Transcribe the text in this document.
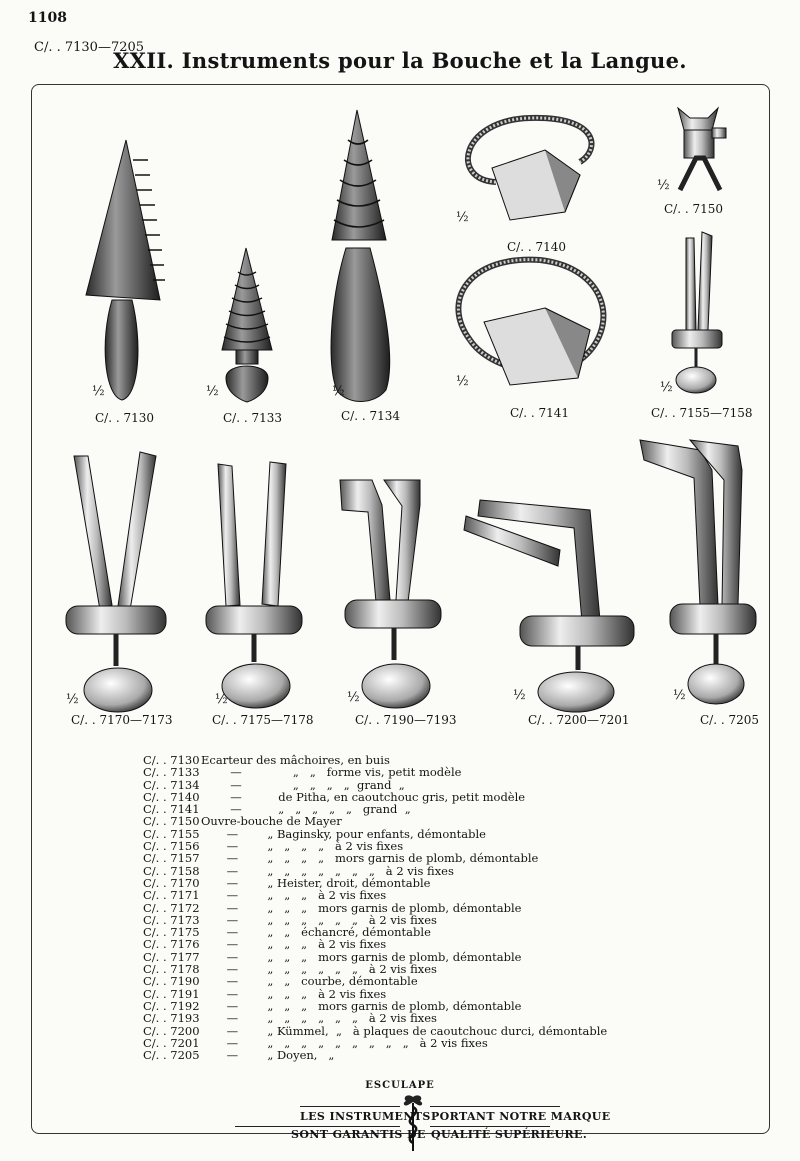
1108
C/. . 7130—7205
XXII. Instruments pour la Bouche et la Langue.
½
C/. . 7130
½
C/. . 7133
½
C/. . 7134
½
C/. . 7140
½
C/. . 7141
½
C/. . 7150
½
C/. . 7155—7158
½
C/. . 7170—7173
½
C/. . 7175—7178
½
C/. . 7190—7193
½
C/. . 7200—7201
½
C/. . 7205
C/. . 7130 Ecarteur des mâchoires, en buis
C/. . 7133 —              „   „   forme vis, petit modèle
C/. . 7134 —              „   „   „   „  grand  „
C/. . 7140 —          de Pitha, en caoutchouc gris, petit modèle
C/. . 7141 —          „   „   „   „   „   grand  „
C/. . 7150 Ouvre-bouche de Mayer
C/. . 7155 —        „ Baginsky, pour enfants, démontable
C/. . 7156 —        „   „   „   „   à 2 vis fixes
C/. . 7157 —        „   „   „   „   mors garnis de plomb, démontable
C/. . 7158 —        „   „   „   „   „   „   „   à 2 vis fixes
C/. . 7170 —        „ Heister, droit, démontable
C/. . 7171 —        „   „   „   à 2 vis fixes
C/. . 7172 —        „   „   „   mors garnis de plomb, démontable
C/. . 7173 —        „   „   „   „   „   „   à 2 vis fixes
C/. . 7175 —        „   „   échancré, démontable
C/. . 7176 —        „   „   „   à 2 vis fixes
C/. . 7177 —        „   „   „   mors garnis de plomb, démontable
C/. . 7178 —        „   „   „   „   „   „   à 2 vis fixes
C/. . 7190 —        „   „   courbe, démontable
C/. . 7191 —        „   „   „   à 2 vis fixes
C/. . 7192 —        „   „   „   mors garnis de plomb, démontable
C/. . 7193 —        „   „   „   „   „   „   à 2 vis fixes
C/. . 7200 —        „ Kümmel,  „   à plaques de caoutchouc durci, démontable
C/. . 7201 —        „   „   „   „   „   „   „   „   „   à 2 vis fixes
C/. . 7205 —        „ Doyen,   „
ESCULAPE
LES INSTRUMENTS
SONT GARANTIS DE
PORTANT NOTRE MARQUE
QUALITÉ SUPÉRIEURE.
